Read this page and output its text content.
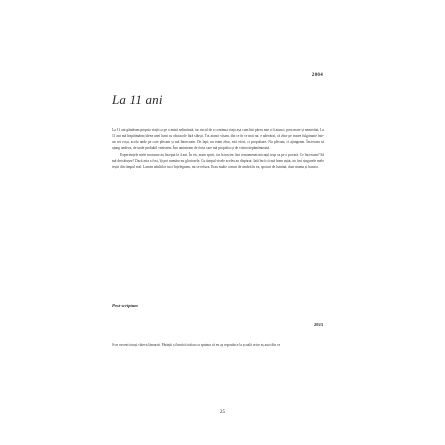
2004
La 11 ani

La 11 ani gândeam propria viață ca pe o mină nelimitată, iar riscul de a continua viața așa cum îmi părea mie a fi atunci, prea mare și nemeritat. La 11 ani mă înspăimânta ideea unei lumi cu obstacole fără sfârșit. Tot atunci visam, din ce în ce mai rar, e adevărat, că zbor pe trasee fulgurante într-un cer roșu, acolo unde pe care plecam și mă întorceam. De fapt, nu eram zbor, nici efort, ci propulsare. Nu plecam, ci ajungeam. Încercam să ajung undeva, de unde probabil veniserm. Îmi aminteam de forța care mă propulsa și de viteza nepământeană.

Experiențele mele nocturne au început la 4 ani. În vis, eram spirit, iar la trezire, îmi reasumeam micuțul trup ca pe o povară. Ce încercam? Să mă descătușez? Dacă asta a fost, îți pot număra nu gloriosele. Cu timpul visele acelea au dispărut. Iată încă că mă leam ușiat, au fost singurele mele ieșiri din timpul real. Lumea adultilor nu o înțelegeam, mi se refuza. Erau multe conuri de umbră în ea, spoturi de lumină, doar mama și bunica.

Post-scriptum
2023

S-ar cuveni totuși câteva lămuriri. Părinții și bunicii trăiau cu spaima că eu aș reproduce la școală orice aș auzi din ce

25
